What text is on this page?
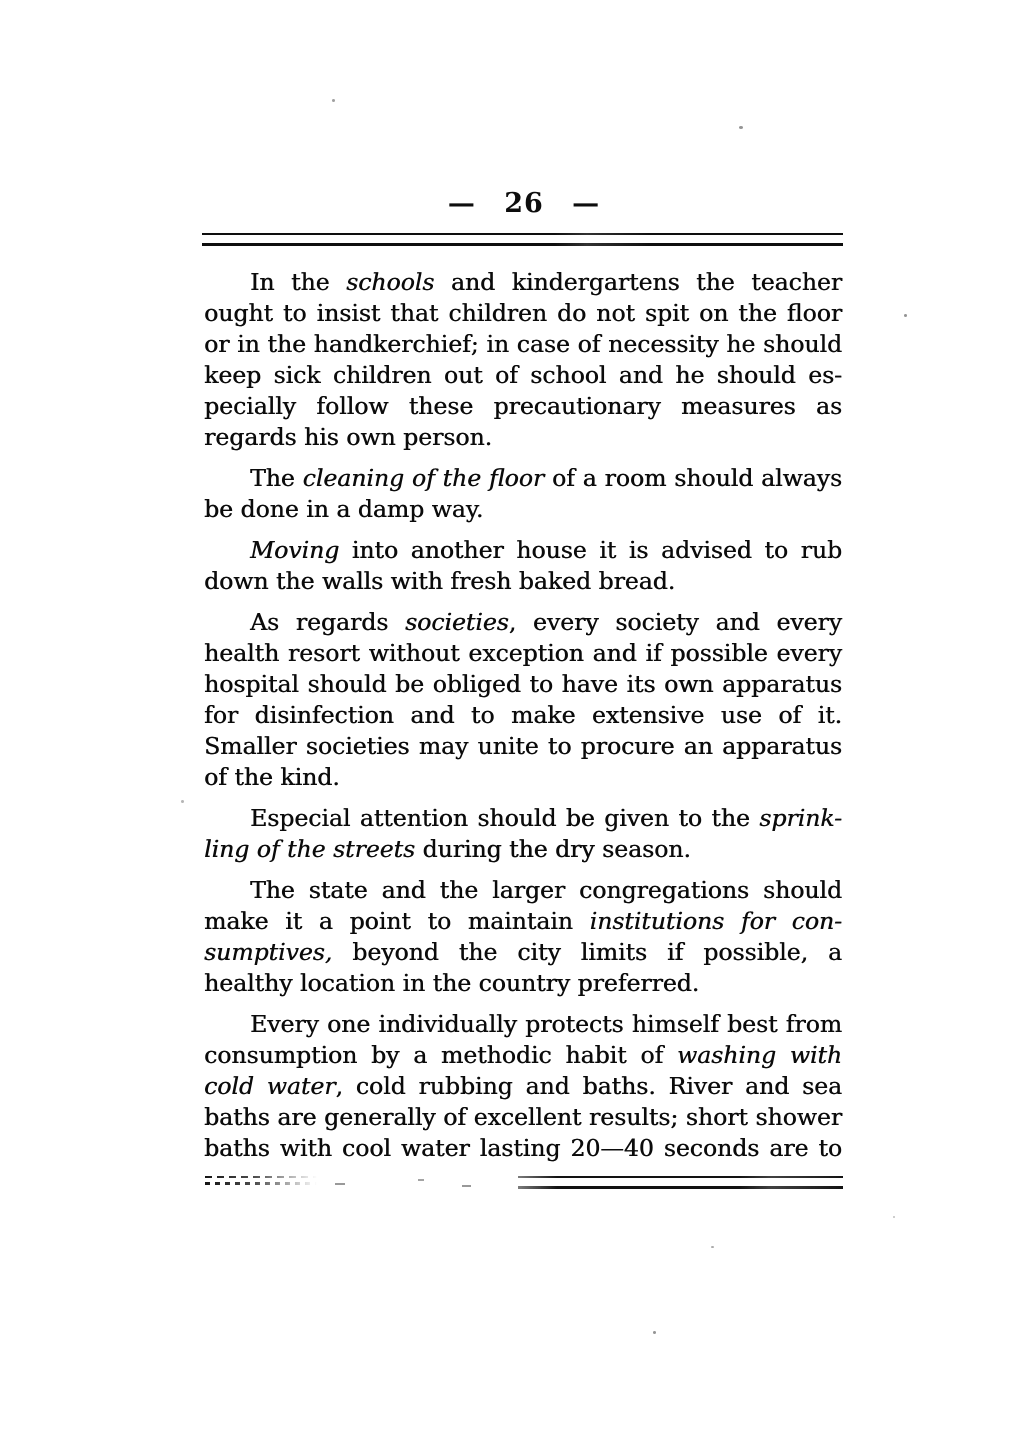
— 26 —
In the schools and kindergartens the teacher
ought to insist that children do not spit on the floor
or in the handkerchief; in case of necessity he should
keep sick children out of school and he should es-
pecially follow these precautionary measures as
regards his own person.
The cleaning of the floor of a room should always
be done in a damp way.
Moving into another house it is advised to rub
down the walls with fresh baked bread.
As regards societies, every society and every
health resort without exception and if possible every
hospital should be obliged to have its own apparatus
for disinfection and to make extensive use of it.
Smaller societies may unite to procure an apparatus
of the kind.
Especial attention should be given to the sprink-
ling of the streets during the dry season.
The state and the larger congregations should
make it a point to maintain institutions for con-
sumptives, beyond the city limits if possible, a
healthy location in the country preferred.
Every one individually protects himself best from
consumption by a methodic habit of washing with
cold water, cold rubbing and baths. River and sea
baths are generally of excellent results; short shower
baths with cool water lasting 20—40 seconds are to
